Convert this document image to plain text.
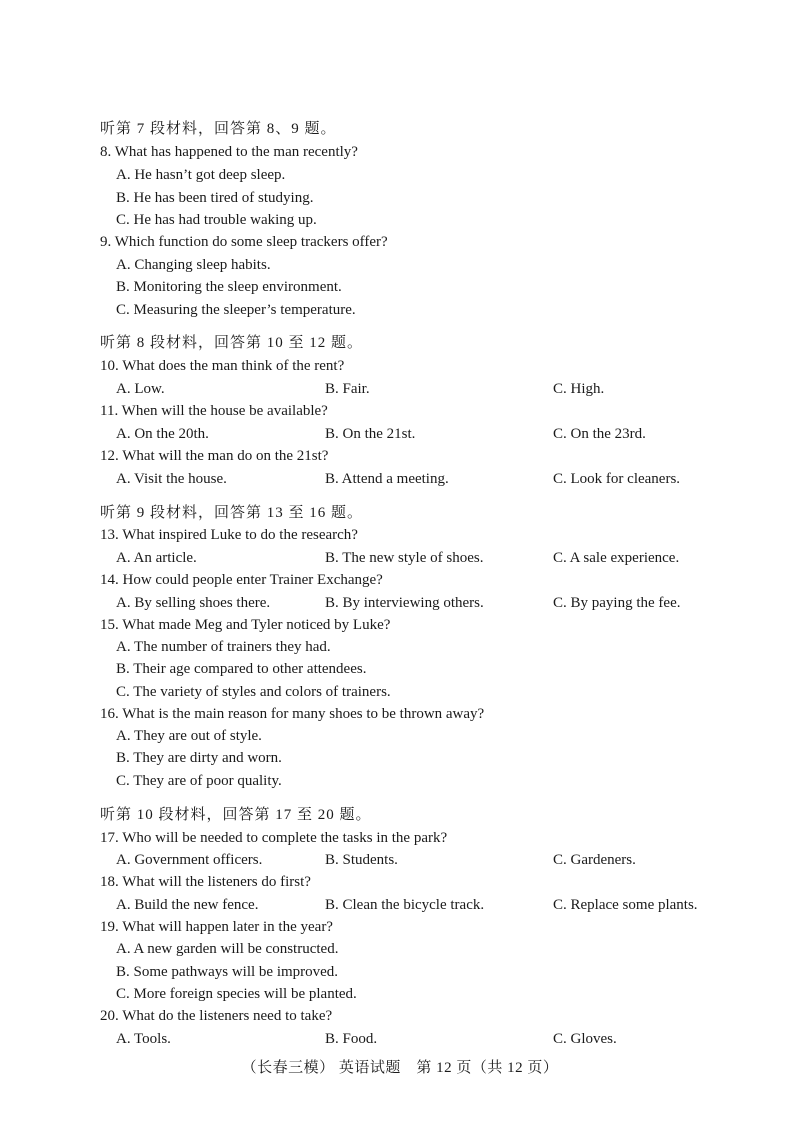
听第 7 段材料，回答第 8、9 题。
8. What has happened to the man recently?
A. He hasn’t got deep sleep.
B. He has been tired of studying.
C. He has had trouble waking up.
9. Which function do some sleep trackers offer?
A. Changing sleep habits.
B. Monitoring the sleep environment.
C. Measuring the sleeper’s temperature.
听第 8 段材料，回答第 10 至 12 题。
10. What does the man think of the rent?
A. Low.	B. Fair.	C. High.
11. When will the house be available?
A. On the 20th.	B. On the 21st.	C. On the 23rd.
12. What will the man do on the 21st?
A. Visit the house.	B. Attend a meeting.	C. Look for cleaners.
听第 9 段材料，回答第 13 至 16 题。
13. What inspired Luke to do the research?
A. An article.	B. The new style of shoes.	C. A sale experience.
14. How could people enter Trainer Exchange?
A. By selling shoes there.	B. By interviewing others.	C. By paying the fee.
15. What made Meg and Tyler noticed by Luke?
A. The number of trainers they had.
B. Their age compared to other attendees.
C. The variety of styles and colors of trainers.
16. What is the main reason for many shoes to be thrown away?
A. They are out of style.
B. They are dirty and worn.
C. They are of poor quality.
听第 10 段材料，回答第 17 至 20 题。
17. Who will be needed to complete the tasks in the park?
A. Government officers.	B. Students.	C. Gardeners.
18. What will the listeners do first?
A. Build the new fence.	B. Clean the bicycle track.	C. Replace some plants.
19. What will happen later in the year?
A. A new garden will be constructed.
B. Some pathways will be improved.
C. More foreign species will be planted.
20. What do the listeners need to take?
A. Tools.	B. Food.	C. Gloves.
（长春三模） 英语试题　第 12 页（共 12 页）
